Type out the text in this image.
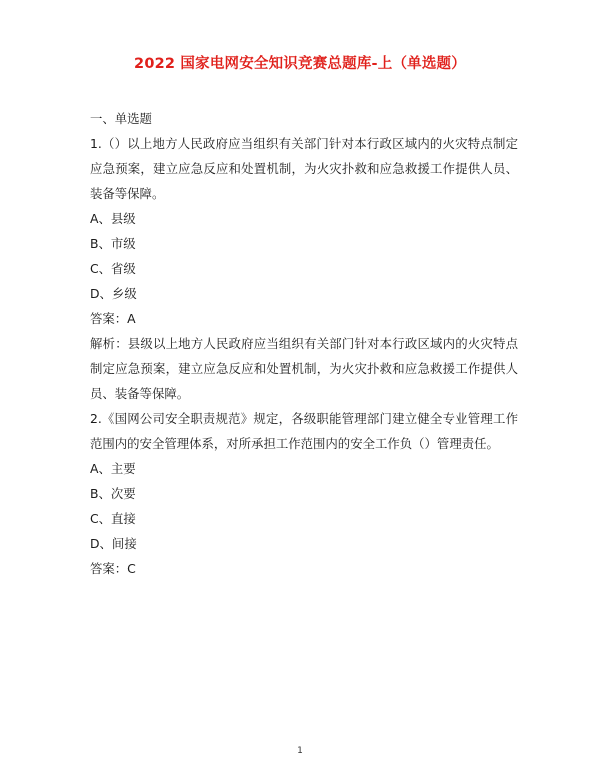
2022 国家电网安全知识竞赛总题库-上（单选题）

一、单选题

1.（）以上地方人民政府应当组织有关部门针对本行政区域内的火灾特点制定应急预案，建立应急反应和处置机制，为火灾扑救和应急救援工作提供人员、装备等保障。

A、县级

B、市级

C、省级

D、乡级

答案：A

解析：县级以上地方人民政府应当组织有关部门针对本行政区域内的火灾特点制定应急预案，建立应急反应和处置机制，为火灾扑救和应急救援工作提供人员、装备等保障。

2.《国网公司安全职责规范》规定，各级职能管理部门建立健全专业管理工作范围内的安全管理体系，对所承担工作范围内的安全工作负（）管理责任。

A、主要

B、次要

C、直接

D、间接

答案：C

1
